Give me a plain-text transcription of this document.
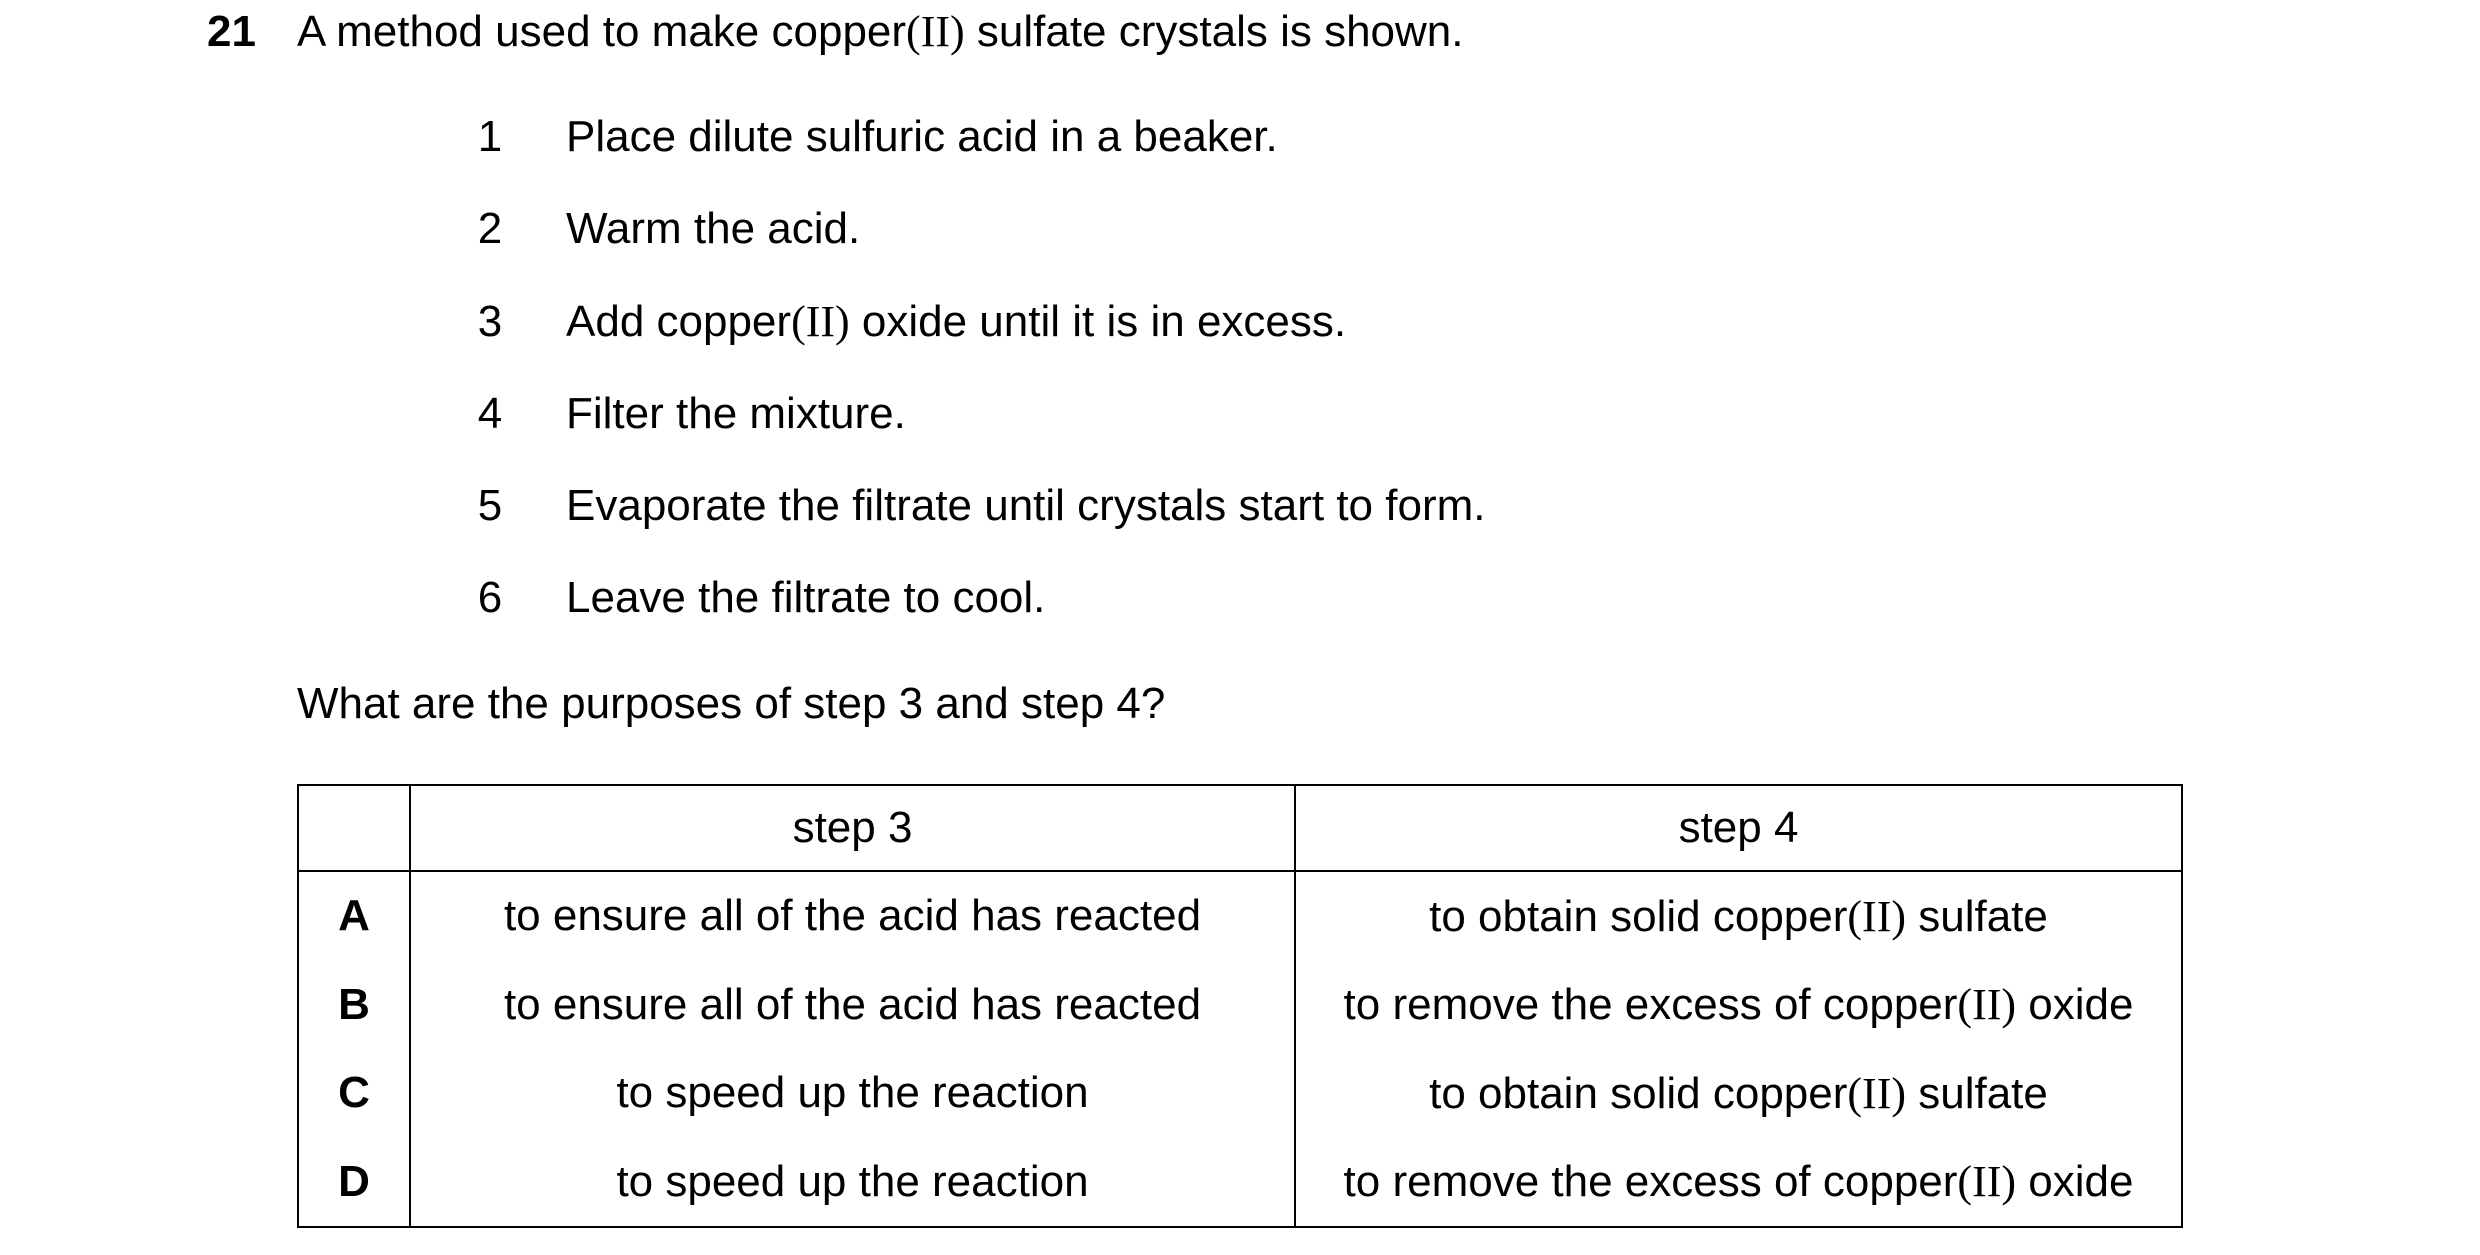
21 A method used to make copper(II) sulfate crystals is shown.
1	Place dilute sulfuric acid in a beaker.
2	Warm the acid.
3	Add copper(II) oxide until it is in excess.
4	Filter the mixture.
5	Evaporate the filtrate until crystals start to form.
6	Leave the filtrate to cool.
What are the purposes of step 3 and step 4?
	step 3	step 4
A	to ensure all of the acid has reacted	to obtain solid copper(II) sulfate
B	to ensure all of the acid has reacted	to remove the excess of copper(II) oxide
C	to speed up the reaction	to obtain solid copper(II) sulfate
D	to speed up the reaction	to remove the excess of copper(II) oxide
